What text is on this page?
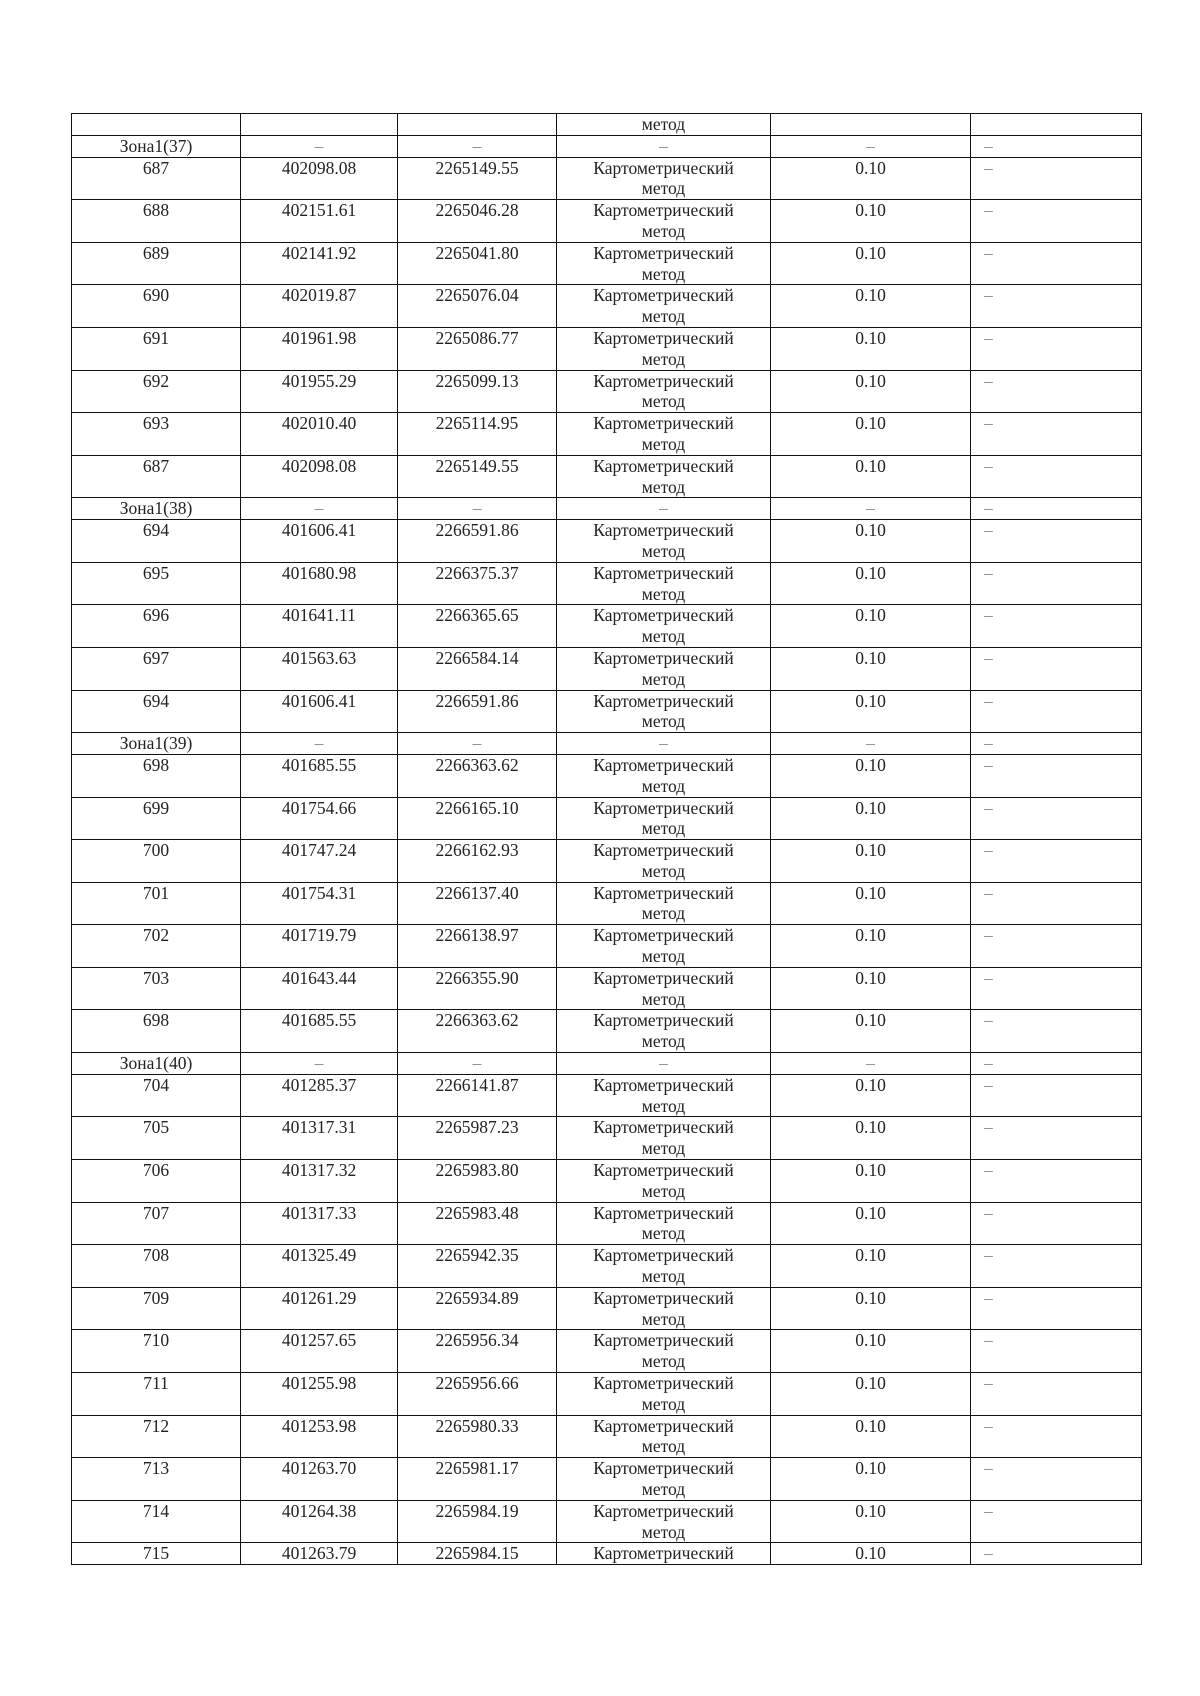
			метод		
Зона1(37)	–	–	–	–	–
687	402098.08	2265149.55	Картометрический метод	0.10	–
688	402151.61	2265046.28	Картометрический метод	0.10	–
689	402141.92	2265041.80	Картометрический метод	0.10	–
690	402019.87	2265076.04	Картометрический метод	0.10	–
691	401961.98	2265086.77	Картометрический метод	0.10	–
692	401955.29	2265099.13	Картометрический метод	0.10	–
693	402010.40	2265114.95	Картометрический метод	0.10	–
687	402098.08	2265149.55	Картометрический метод	0.10	–
Зона1(38)	–	–	–	–	–
694	401606.41	2266591.86	Картометрический метод	0.10	–
695	401680.98	2266375.37	Картометрический метод	0.10	–
696	401641.11	2266365.65	Картометрический метод	0.10	–
697	401563.63	2266584.14	Картометрический метод	0.10	–
694	401606.41	2266591.86	Картометрический метод	0.10	–
Зона1(39)	–	–	–	–	–
698	401685.55	2266363.62	Картометрический метод	0.10	–
699	401754.66	2266165.10	Картометрический метод	0.10	–
700	401747.24	2266162.93	Картометрический метод	0.10	–
701	401754.31	2266137.40	Картометрический метод	0.10	–
702	401719.79	2266138.97	Картометрический метод	0.10	–
703	401643.44	2266355.90	Картометрический метод	0.10	–
698	401685.55	2266363.62	Картометрический метод	0.10	–
Зона1(40)	–	–	–	–	–
704	401285.37	2266141.87	Картометрический метод	0.10	–
705	401317.31	2265987.23	Картометрический метод	0.10	–
706	401317.32	2265983.80	Картометрический метод	0.10	–
707	401317.33	2265983.48	Картометрический метод	0.10	–
708	401325.49	2265942.35	Картометрический метод	0.10	–
709	401261.29	2265934.89	Картометрический метод	0.10	–
710	401257.65	2265956.34	Картометрический метод	0.10	–
711	401255.98	2265956.66	Картометрический метод	0.10	–
712	401253.98	2265980.33	Картометрический метод	0.10	–
713	401263.70	2265981.17	Картометрический метод	0.10	–
714	401264.38	2265984.19	Картометрический метод	0.10	–
715	401263.79	2265984.15	Картометрический	0.10	–
